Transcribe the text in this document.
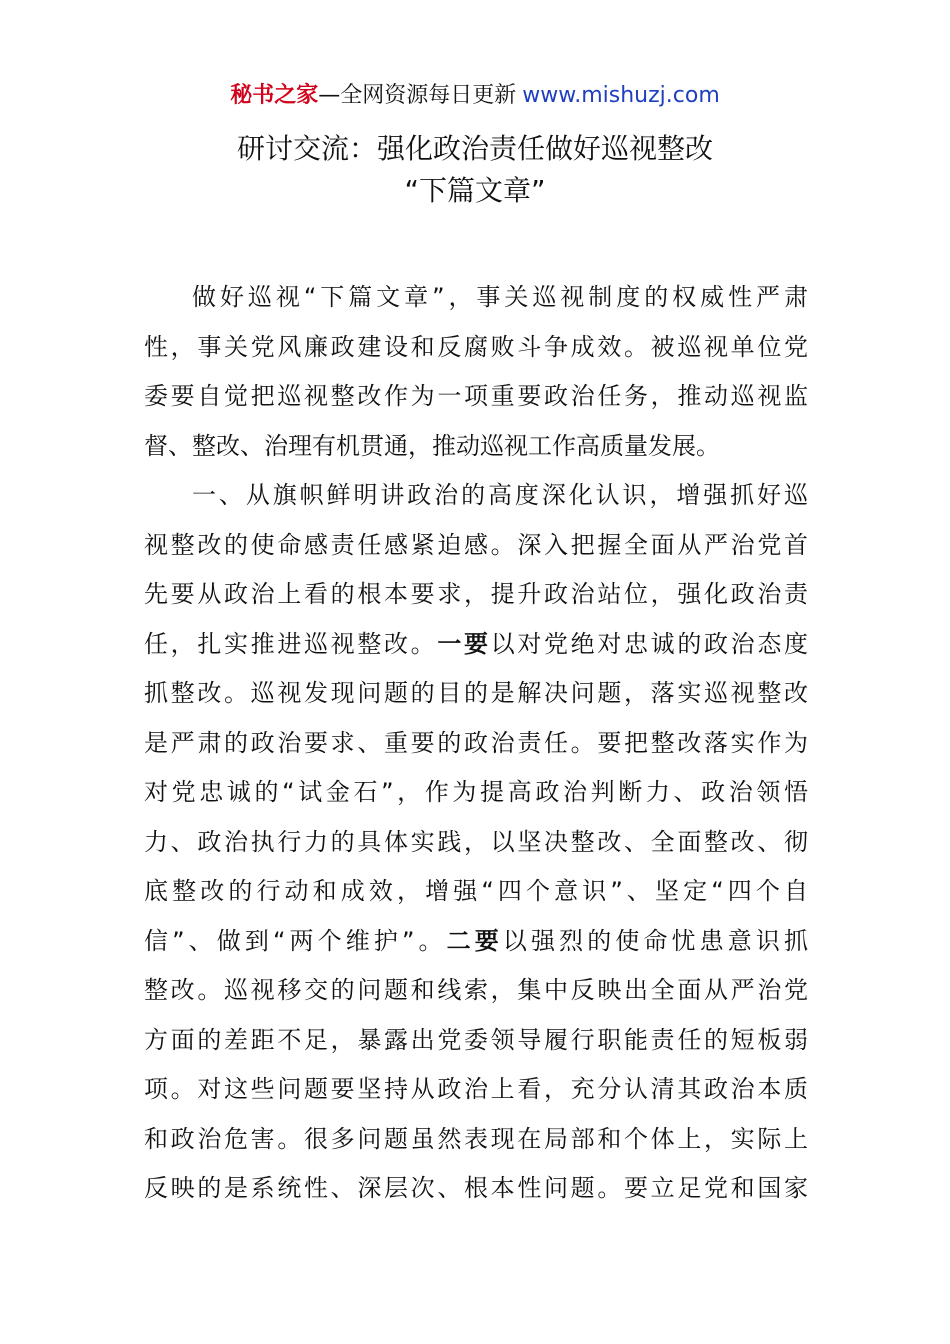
秘书之家—全网资源每日更新 www.mishuzj.com
研讨交流：强化政治责任做好巡视整改
“下篇文章”
做好巡视“下篇文章”，事关巡视制度的权威性严肃
性，事关党风廉政建设和反腐败斗争成效。被巡视单位党
委要自觉把巡视整改作为一项重要政治任务，推动巡视监
督、整改、治理有机贯通，推动巡视工作高质量发展。
一、从旗帜鲜明讲政治的高度深化认识，增强抓好巡
视整改的使命感责任感紧迫感。深入把握全面从严治党首
先要从政治上看的根本要求，提升政治站位，强化政治责
任，扎实推进巡视整改。一要以对党绝对忠诚的政治态度
抓整改。巡视发现问题的目的是解决问题，落实巡视整改
是严肃的政治要求、重要的政治责任。要把整改落实作为
对党忠诚的“试金石”，作为提高政治判断力、政治领悟
力、政治执行力的具体实践，以坚决整改、全面整改、彻
底整改的行动和成效，增强“四个意识”、坚定“四个自
信”、做到“两个维护”。二要以强烈的使命忧患意识抓
整改。巡视移交的问题和线索，集中反映出全面从严治党
方面的差距不足，暴露出党委领导履行职能责任的短板弱
项。对这些问题要坚持从政治上看，充分认清其政治本质
和政治危害。很多问题虽然表现在局部和个体上，实际上
反映的是系统性、深层次、根本性问题。要立足党和国家
